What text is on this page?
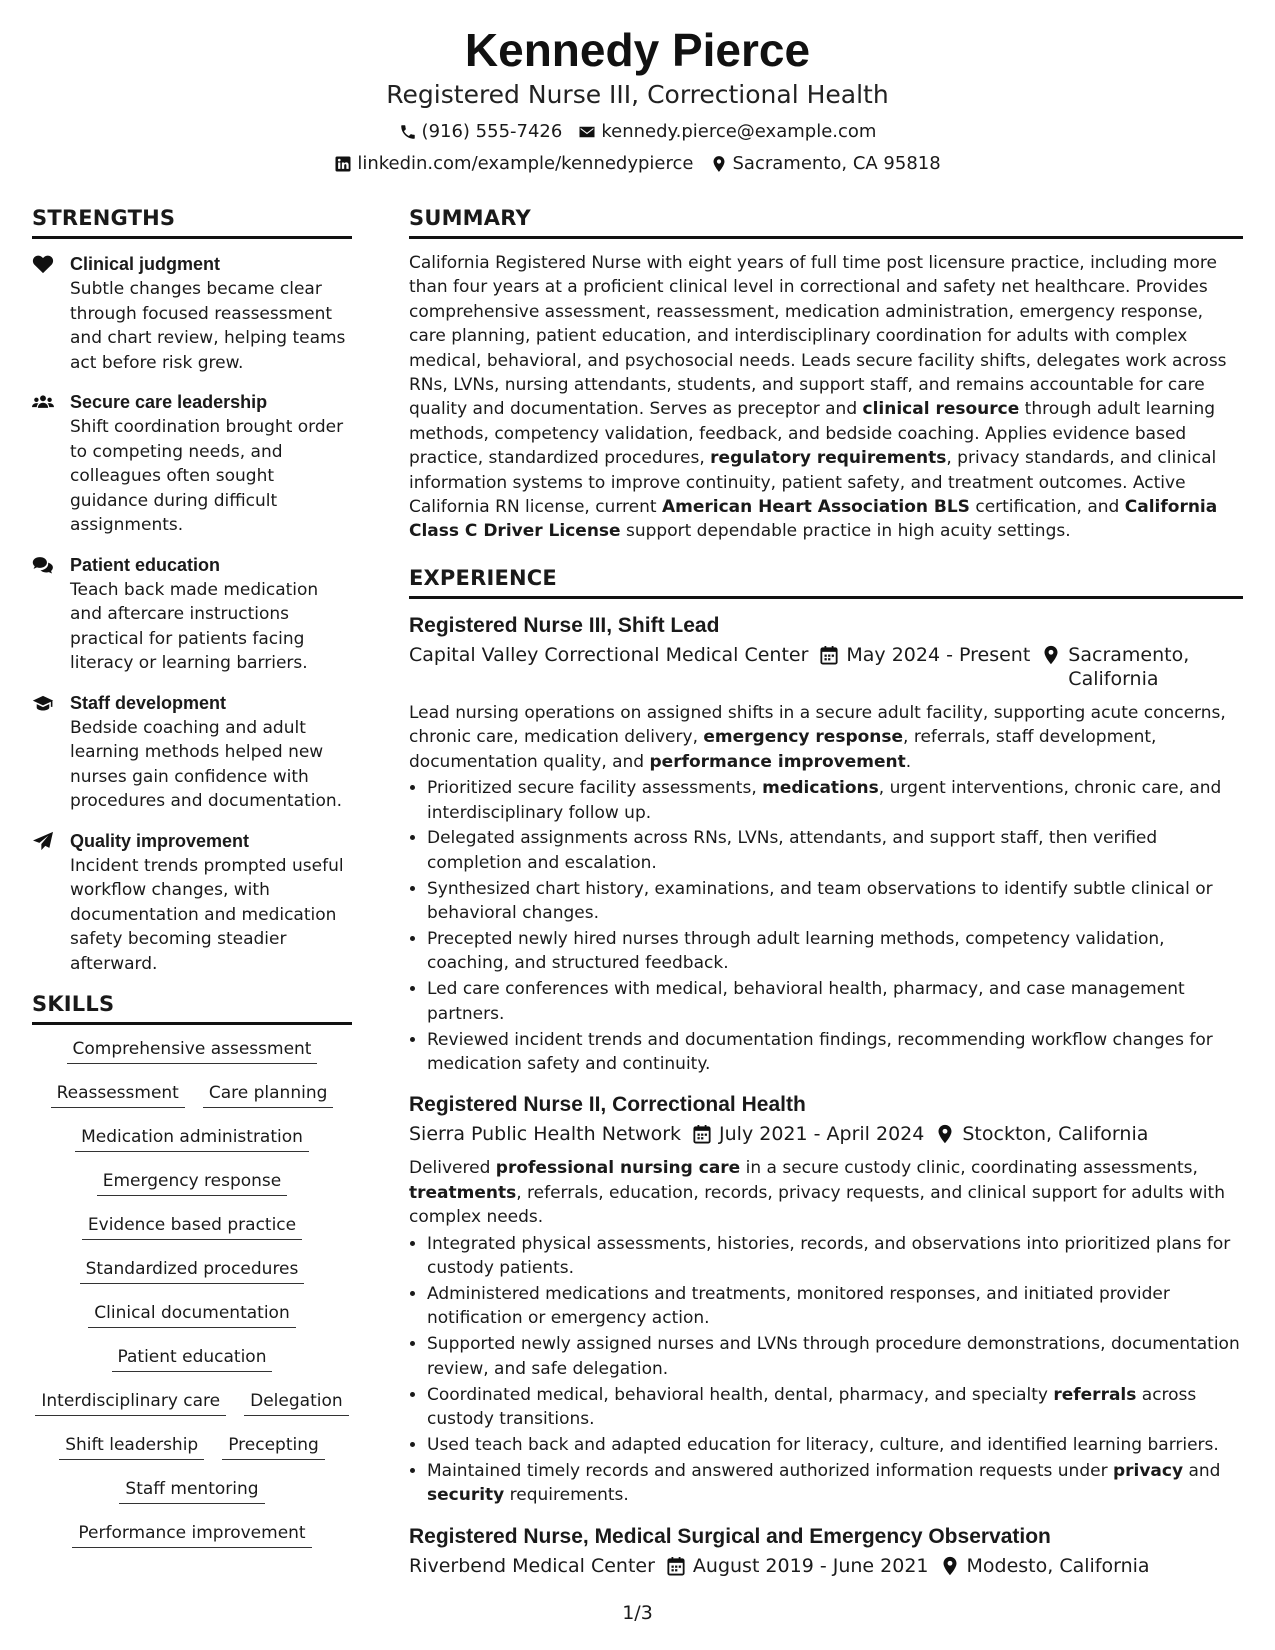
Kennedy Pierce
Registered Nurse III, Correctional Health
(916) 555-7426 kennedy.pierce@example.com
linkedin.com/example/kennedypierce Sacramento, CA 95818
STRENGTHS
Clinical judgment
Subtle changes became clear through focused reassessment and chart review, helping teams act before risk grew.
Secure care leadership
Shift coordination brought order to competing needs, and colleagues often sought guidance during difficult assignments.
Patient education
Teach back made medication and aftercare instructions practical for patients facing literacy or learning barriers.
Staff development
Bedside coaching and adult learning methods helped new nurses gain confidence with procedures and documentation.
Quality improvement
Incident trends prompted useful workflow changes, with documentation and medication safety becoming steadier afterward.
SKILLS
Comprehensive assessment
Reassessment	Care planning
Medication administration
Emergency response
Evidence based practice
Standardized procedures
Clinical documentation
Patient education
Interdisciplinary care	Delegation
Shift leadership	Precepting
Staff mentoring
Performance improvement
SUMMARY

California Registered Nurse with eight years of full time post licensure practice, including more than four years at a proficient clinical level in correctional and safety net healthcare. Provides comprehensive assessment, reassessment, medication administration, emergency response, care planning, patient education, and interdisciplinary coordination for adults with complex medical, behavioral, and psychosocial needs. Leads secure facility shifts, delegates work across RNs, LVNs, nursing attendants, students, and support staff, and remains accountable for care quality and documentation. Serves as preceptor and clinical resource through adult learning methods, competency validation, feedback, and bedside coaching. Applies evidence based practice, standardized procedures, regulatory requirements, privacy standards, and clinical information systems to improve continuity, patient safety, and treatment outcomes. Active California RN license, current American Heart Association BLS certification, and California Class C Driver License support dependable practice in high acuity settings.

EXPERIENCE
Registered Nurse III, Shift Lead
Capital Valley Correctional Medical Center May 2024 - Present Sacramento, California
Lead nursing operations on assigned shifts in a secure adult facility, supporting acute concerns, chronic care, medication delivery, emergency response, referrals, staff development, documentation quality, and performance improvement.
• Prioritized secure facility assessments, medications, urgent interventions, chronic care, and interdisciplinary follow up.
• Delegated assignments across RNs, LVNs, attendants, and support staff, then verified completion and escalation.
• Synthesized chart history, examinations, and team observations to identify subtle clinical or behavioral changes.
• Precepted newly hired nurses through adult learning methods, competency validation, coaching, and structured feedback.
• Led care conferences with medical, behavioral health, pharmacy, and case management partners.
• Reviewed incident trends and documentation findings, recommending workflow changes for medication safety and continuity.
Registered Nurse II, Correctional Health
Sierra Public Health Network July 2021 - April 2024 Stockton, California
Delivered professional nursing care in a secure custody clinic, coordinating assessments, treatments, referrals, education, records, privacy requests, and clinical support for adults with complex needs.
• Integrated physical assessments, histories, records, and observations into prioritized plans for custody patients.
• Administered medications and treatments, monitored responses, and initiated provider notification or emergency action.
• Supported newly assigned nurses and LVNs through procedure demonstrations, documentation review, and safe delegation.
• Coordinated medical, behavioral health, dental, pharmacy, and specialty referrals across custody transitions.
• Used teach back and adapted education for literacy, culture, and identified learning barriers.
• Maintained timely records and answered authorized information requests under privacy and security requirements.
Registered Nurse, Medical Surgical and Emergency Observation
Riverbend Medical Center August 2019 - June 2021 Modesto, California
1/3
